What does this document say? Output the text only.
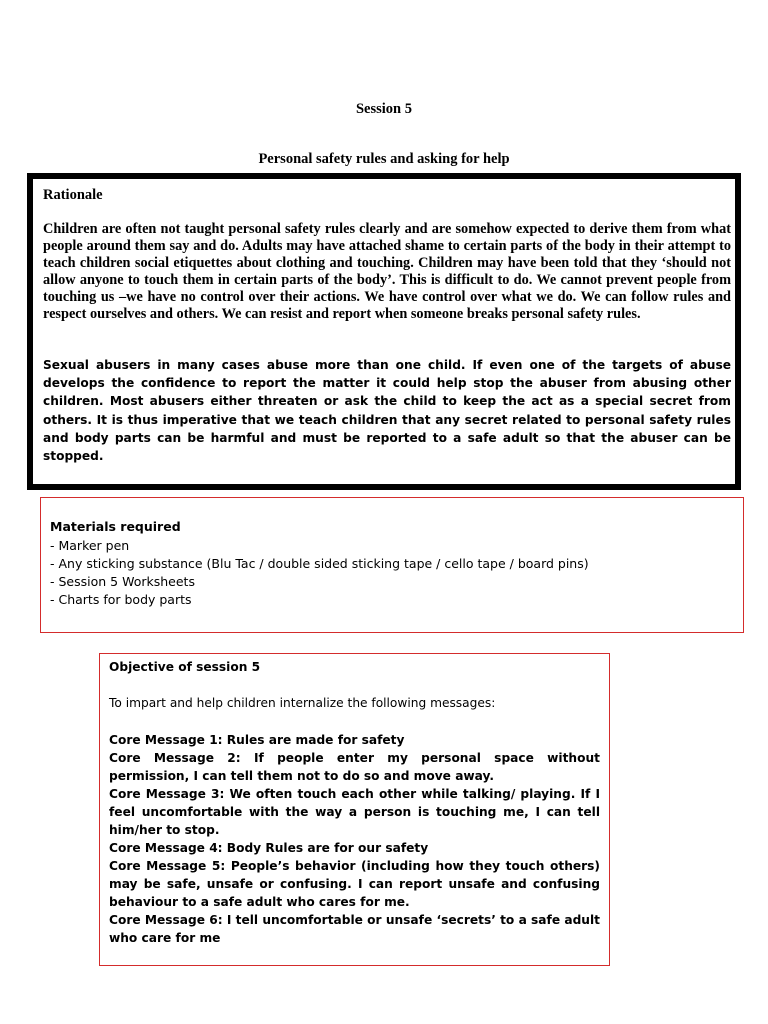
Session 5
Personal safety rules and asking for help
Rationale

Children are often not taught personal safety rules clearly and are somehow expected to derive them from what people around them say and do. Adults may have attached shame to certain parts of the body in their attempt to teach children social etiquettes about clothing and touching. Children may have been told that they ‘should not allow anyone to touch them in certain parts of the body’. This is difficult to do. We cannot prevent people from touching us –we have no control over their actions. We have control over what we do. We can follow rules and respect ourselves and others. We can resist and report when someone breaks personal safety rules.

Sexual abusers in many cases abuse more than one child. If even one of the targets of abuse develops the confidence to report the matter it could help stop the abuser from abusing other children. Most abusers either threaten or ask the child to keep the act as a special secret from others. It is thus imperative that we teach children that any secret related to personal safety rules and body parts can be harmful and must be reported to a safe adult so that the abuser can be stopped.

Materials required
- Marker pen
- Any sticking substance (Blu Tac / double sided sticking tape / cello tape / board pins)
- Session 5 Worksheets
- Charts for body parts
Objective of session 5
To impart and help children internalize the following messages:
Core Message 1: Rules are made for safety
Core Message 2: If people enter my personal space without permission, I can tell them not to do so and move away.
Core Message 3: We often touch each other while talking/ playing. If I feel uncomfortable with the way a person is touching me, I can tell him/her to stop.
Core Message 4: Body Rules are for our safety
Core Message 5: People’s behavior (including how they touch others) may be safe, unsafe or confusing. I can report unsafe and confusing behaviour to a safe adult who cares for me.
Core Message 6: I tell uncomfortable or unsafe ‘secrets’ to a safe adult who care for me
